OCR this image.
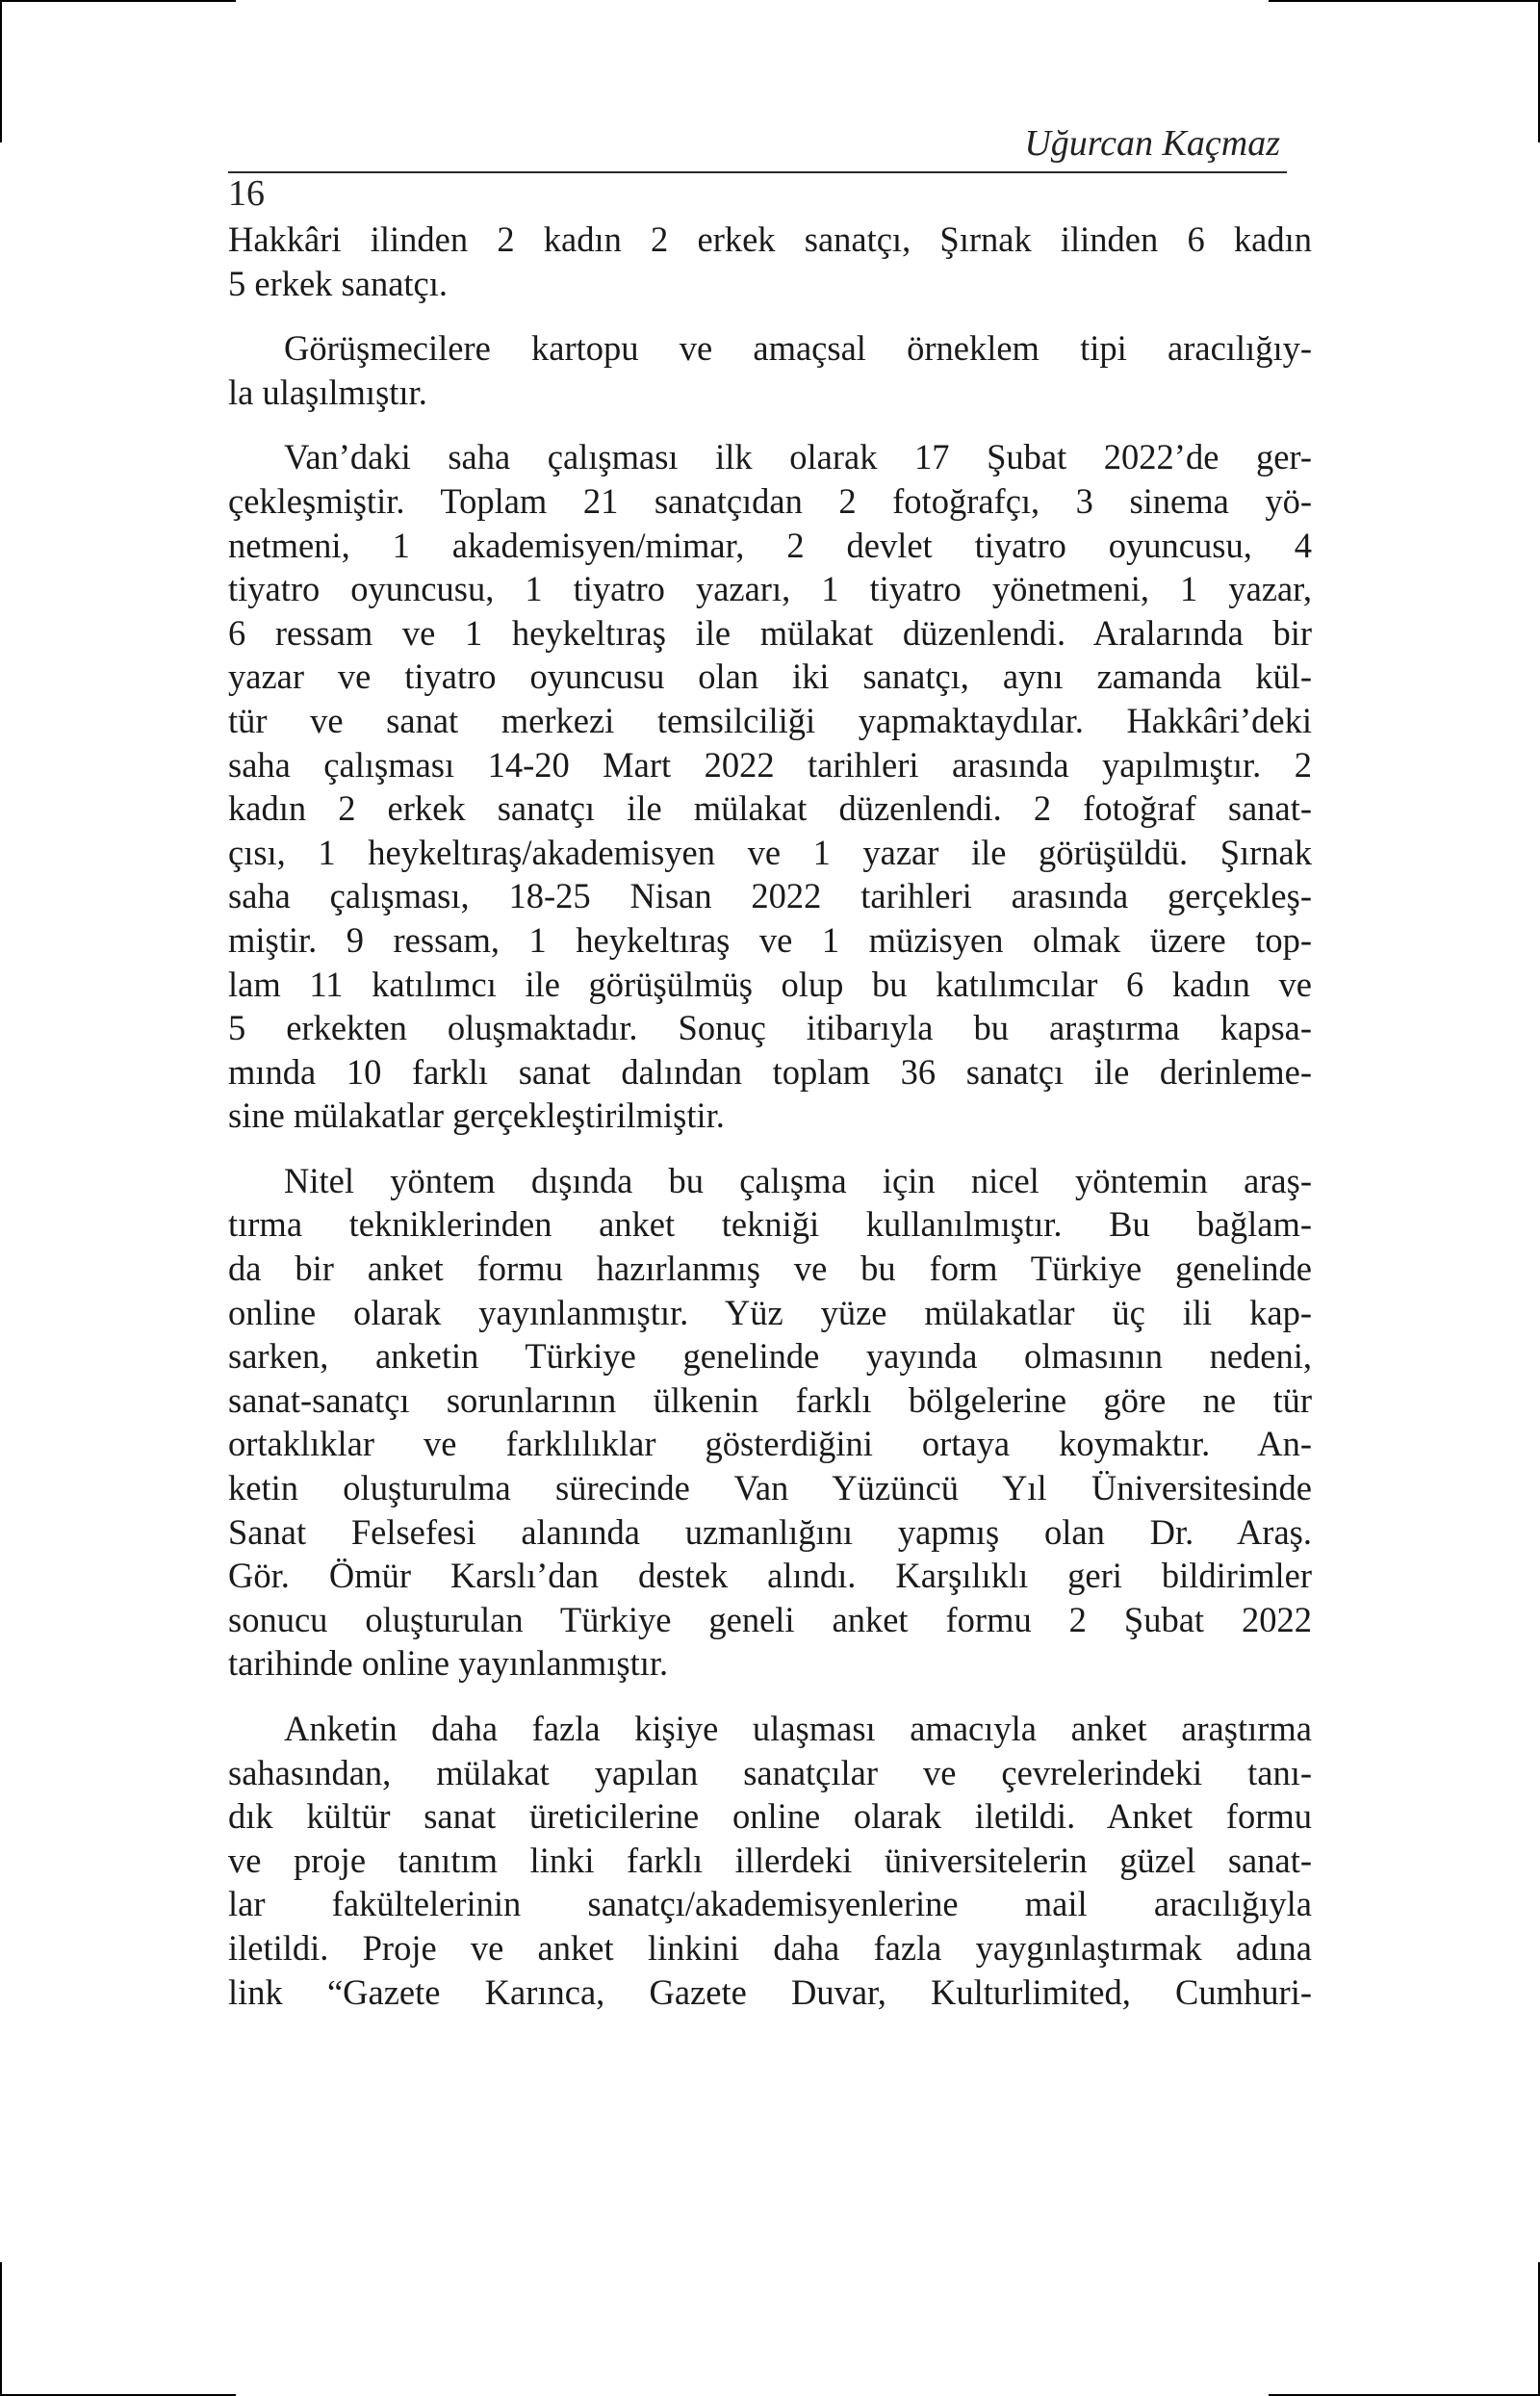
Uğurcan Kaçmaz
16
Hakkâri ilinden 2 kadın 2 erkek sanatçı, Şırnak ilinden 6 kadın
5 erkek sanatçı.
Görüşmecilere kartopu ve amaçsal örneklem tipi aracılığıy-
la ulaşılmıştır.
Van’daki saha çalışması ilk olarak 17 Şubat 2022’de ger-
çekleşmiştir. Toplam 21 sanatçıdan 2 fotoğrafçı, 3 sinema yö-
netmeni, 1 akademisyen/mimar, 2 devlet tiyatro oyuncusu, 4
tiyatro oyuncusu, 1 tiyatro yazarı, 1 tiyatro yönetmeni, 1 yazar,
6 ressam ve 1 heykeltıraş ile mülakat düzenlendi. Aralarında bir
yazar ve tiyatro oyuncusu olan iki sanatçı, aynı zamanda kül-
tür ve sanat merkezi temsilciliği yapmaktaydılar. Hakkâri’deki
saha çalışması 14-20 Mart 2022 tarihleri arasında yapılmıştır. 2
kadın 2 erkek sanatçı ile mülakat düzenlendi. 2 fotoğraf sanat-
çısı, 1 heykeltıraş/akademisyen ve 1 yazar ile görüşüldü. Şırnak
saha çalışması, 18-25 Nisan 2022 tarihleri arasında gerçekleş-
miştir. 9 ressam, 1 heykeltıraş ve 1 müzisyen olmak üzere top-
lam 11 katılımcı ile görüşülmüş olup bu katılımcılar 6 kadın ve
5 erkekten oluşmaktadır. Sonuç itibarıyla bu araştırma kapsa-
mında 10 farklı sanat dalından toplam 36 sanatçı ile derinleme-
sine mülakatlar gerçekleştirilmiştir.
Nitel yöntem dışında bu çalışma için nicel yöntemin araş-
tırma tekniklerinden anket tekniği kullanılmıştır. Bu bağlam-
da bir anket formu hazırlanmış ve bu form Türkiye genelinde
online olarak yayınlanmıştır. Yüz yüze mülakatlar üç ili kap-
sarken, anketin Türkiye genelinde yayında olmasının nedeni,
sanat-sanatçı sorunlarının ülkenin farklı bölgelerine göre ne tür
ortaklıklar ve farklılıklar gösterdiğini ortaya koymaktır. An-
ketin oluşturulma sürecinde Van Yüzüncü Yıl Üniversitesinde
Sanat Felsefesi alanında uzmanlığını yapmış olan Dr. Araş.
Gör. Ömür Karslı’dan destek alındı. Karşılıklı geri bildirimler
sonucu oluşturulan Türkiye geneli anket formu 2 Şubat 2022
tarihinde online yayınlanmıştır.
Anketin daha fazla kişiye ulaşması amacıyla anket araştırma
sahasından, mülakat yapılan sanatçılar ve çevrelerindeki tanı-
dık kültür sanat üreticilerine online olarak iletildi. Anket formu
ve proje tanıtım linki farklı illerdeki üniversitelerin güzel sanat-
lar fakültelerinin sanatçı/akademisyenlerine mail aracılığıyla
iletildi. Proje ve anket linkini daha fazla yaygınlaştırmak adına
link “Gazete Karınca, Gazete Duvar, Kulturlimited, Cumhuri-
